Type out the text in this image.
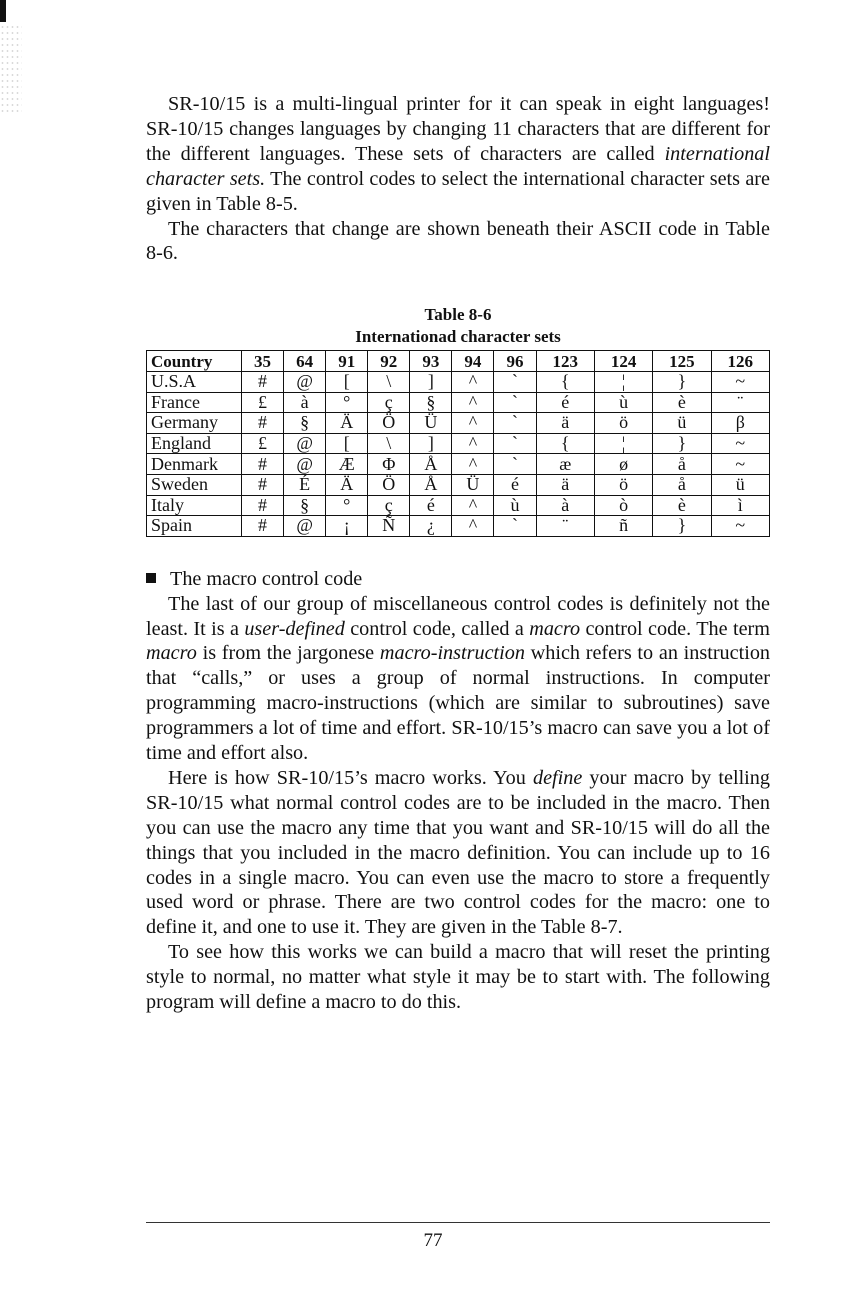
SR-10/15 is a multi-lingual printer for it can speak in eight languages! SR-10/15 changes languages by changing 11 characters that are different for the different languages. These sets of characters are called international character sets. The control codes to select the international character sets are given in Table 8-5.

The characters that change are shown beneath their ASCII code in Table 8-6.

Table 8-6
Internationad character sets
Country	35	64	91	92	93	94	96	123	124	125	126
U.S.A	#	@	[	\	]	^	`	{	¦	}	~
France	£	à	°	ç	§	^	`	é	ù	è	¨
Germany	#	§	Ä	Ö	Ü	^	`	ä	ö	ü	β
England	£	@	[	\	]	^	`	{	¦	}	~
Denmark	#	@	Æ	Φ	Å	^	`	æ	ø	å	~
Sweden	#	É	Ä	Ö	Å	Ü	é	ä	ö	å	ü
Italy	#	§	°	ç	é	^	ù	à	ò	è	ì
Spain	#	@	¡	Ñ	¿	^	`	¨	ñ	}	~

The macro control code

The last of our group of miscellaneous control codes is definitely not the least. It is a user-defined control code, called a macro control code. The term macro is from the jargonese macro-instruction which refers to an instruction that “calls,” or uses a group of normal instructions. In computer programming macro-instructions (which are similar to subroutines) save programmers a lot of time and effort. SR-10/15’s macro can save you a lot of time and effort also.

Here is how SR-10/15’s macro works. You define your macro by telling SR-10/15 what normal control codes are to be included in the macro. Then you can use the macro any time that you want and SR-10/15 will do all the things that you included in the macro definition. You can include up to 16 codes in a single macro. You can even use the macro to store a frequently used word or phrase. There are two control codes for the macro: one to define it, and one to use it. They are given in the Table 8-7.

To see how this works we can build a macro that will reset the printing style to normal, no matter what style it may be to start with. The following program will define a macro to do this.

77
